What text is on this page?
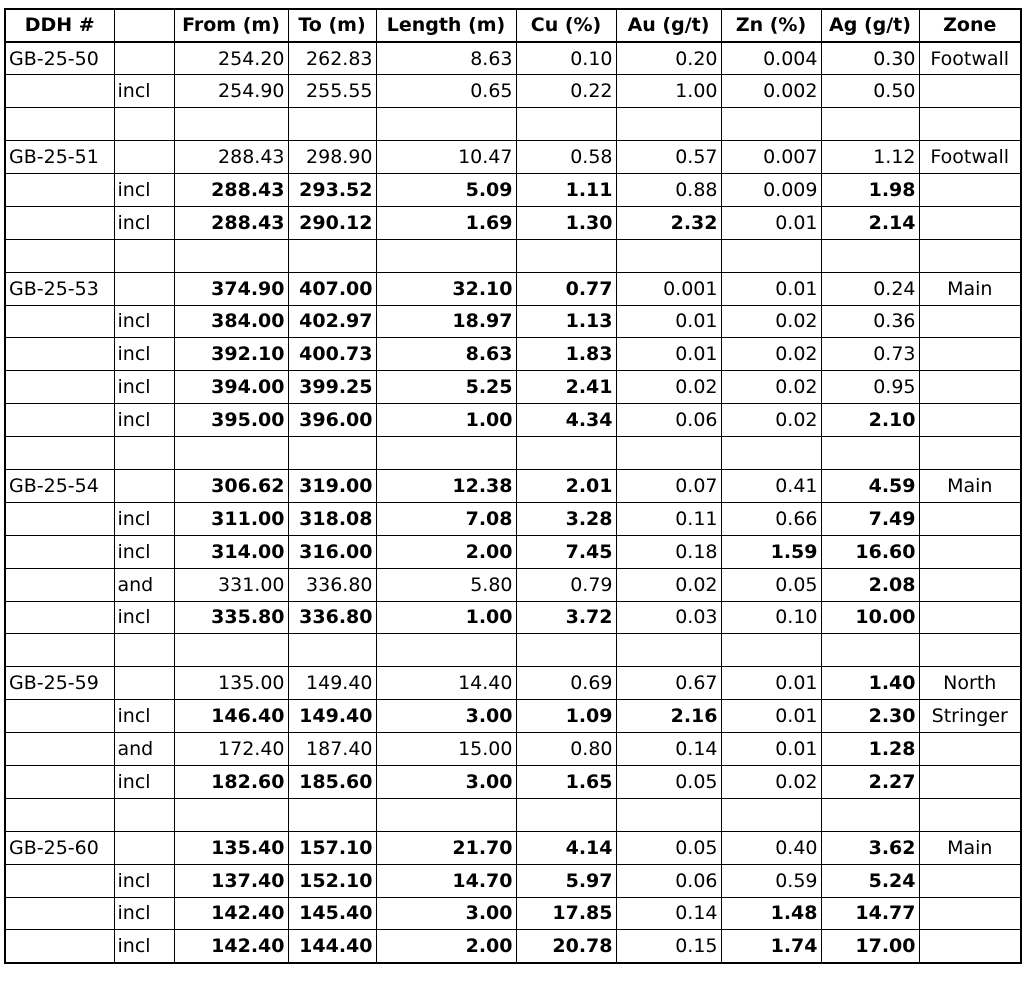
DDH #		From (m)	To (m)	Length (m)	Cu (%)	Au (g/t)	Zn (%)	Ag (g/t)	Zone
GB-25-50		254.20	262.83	8.63	0.10	0.20	0.004	0.30	Footwall
	incl	254.90	255.55	0.65	0.22	1.00	0.002	0.50	

GB-25-51		288.43	298.90	10.47	0.58	0.57	0.007	1.12	Footwall
	incl	288.43	293.52	5.09	1.11	0.88	0.009	1.98	
	incl	288.43	290.12	1.69	1.30	2.32	0.01	2.14	

GB-25-53		374.90	407.00	32.10	0.77	0.001	0.01	0.24	Main
	incl	384.00	402.97	18.97	1.13	0.01	0.02	0.36	
	incl	392.10	400.73	8.63	1.83	0.01	0.02	0.73	
	incl	394.00	399.25	5.25	2.41	0.02	0.02	0.95	
	incl	395.00	396.00	1.00	4.34	0.06	0.02	2.10	

GB-25-54		306.62	319.00	12.38	2.01	0.07	0.41	4.59	Main
	incl	311.00	318.08	7.08	3.28	0.11	0.66	7.49	
	incl	314.00	316.00	2.00	7.45	0.18	1.59	16.60	
	and	331.00	336.80	5.80	0.79	0.02	0.05	2.08	
	incl	335.80	336.80	1.00	3.72	0.03	0.10	10.00	

GB-25-59		135.00	149.40	14.40	0.69	0.67	0.01	1.40	North
	incl	146.40	149.40	3.00	1.09	2.16	0.01	2.30	Stringer
	and	172.40	187.40	15.00	0.80	0.14	0.01	1.28	
	incl	182.60	185.60	3.00	1.65	0.05	0.02	2.27	

GB-25-60		135.40	157.10	21.70	4.14	0.05	0.40	3.62	Main
	incl	137.40	152.10	14.70	5.97	0.06	0.59	5.24	
	incl	142.40	145.40	3.00	17.85	0.14	1.48	14.77	
	incl	142.40	144.40	2.00	20.78	0.15	1.74	17.00	
